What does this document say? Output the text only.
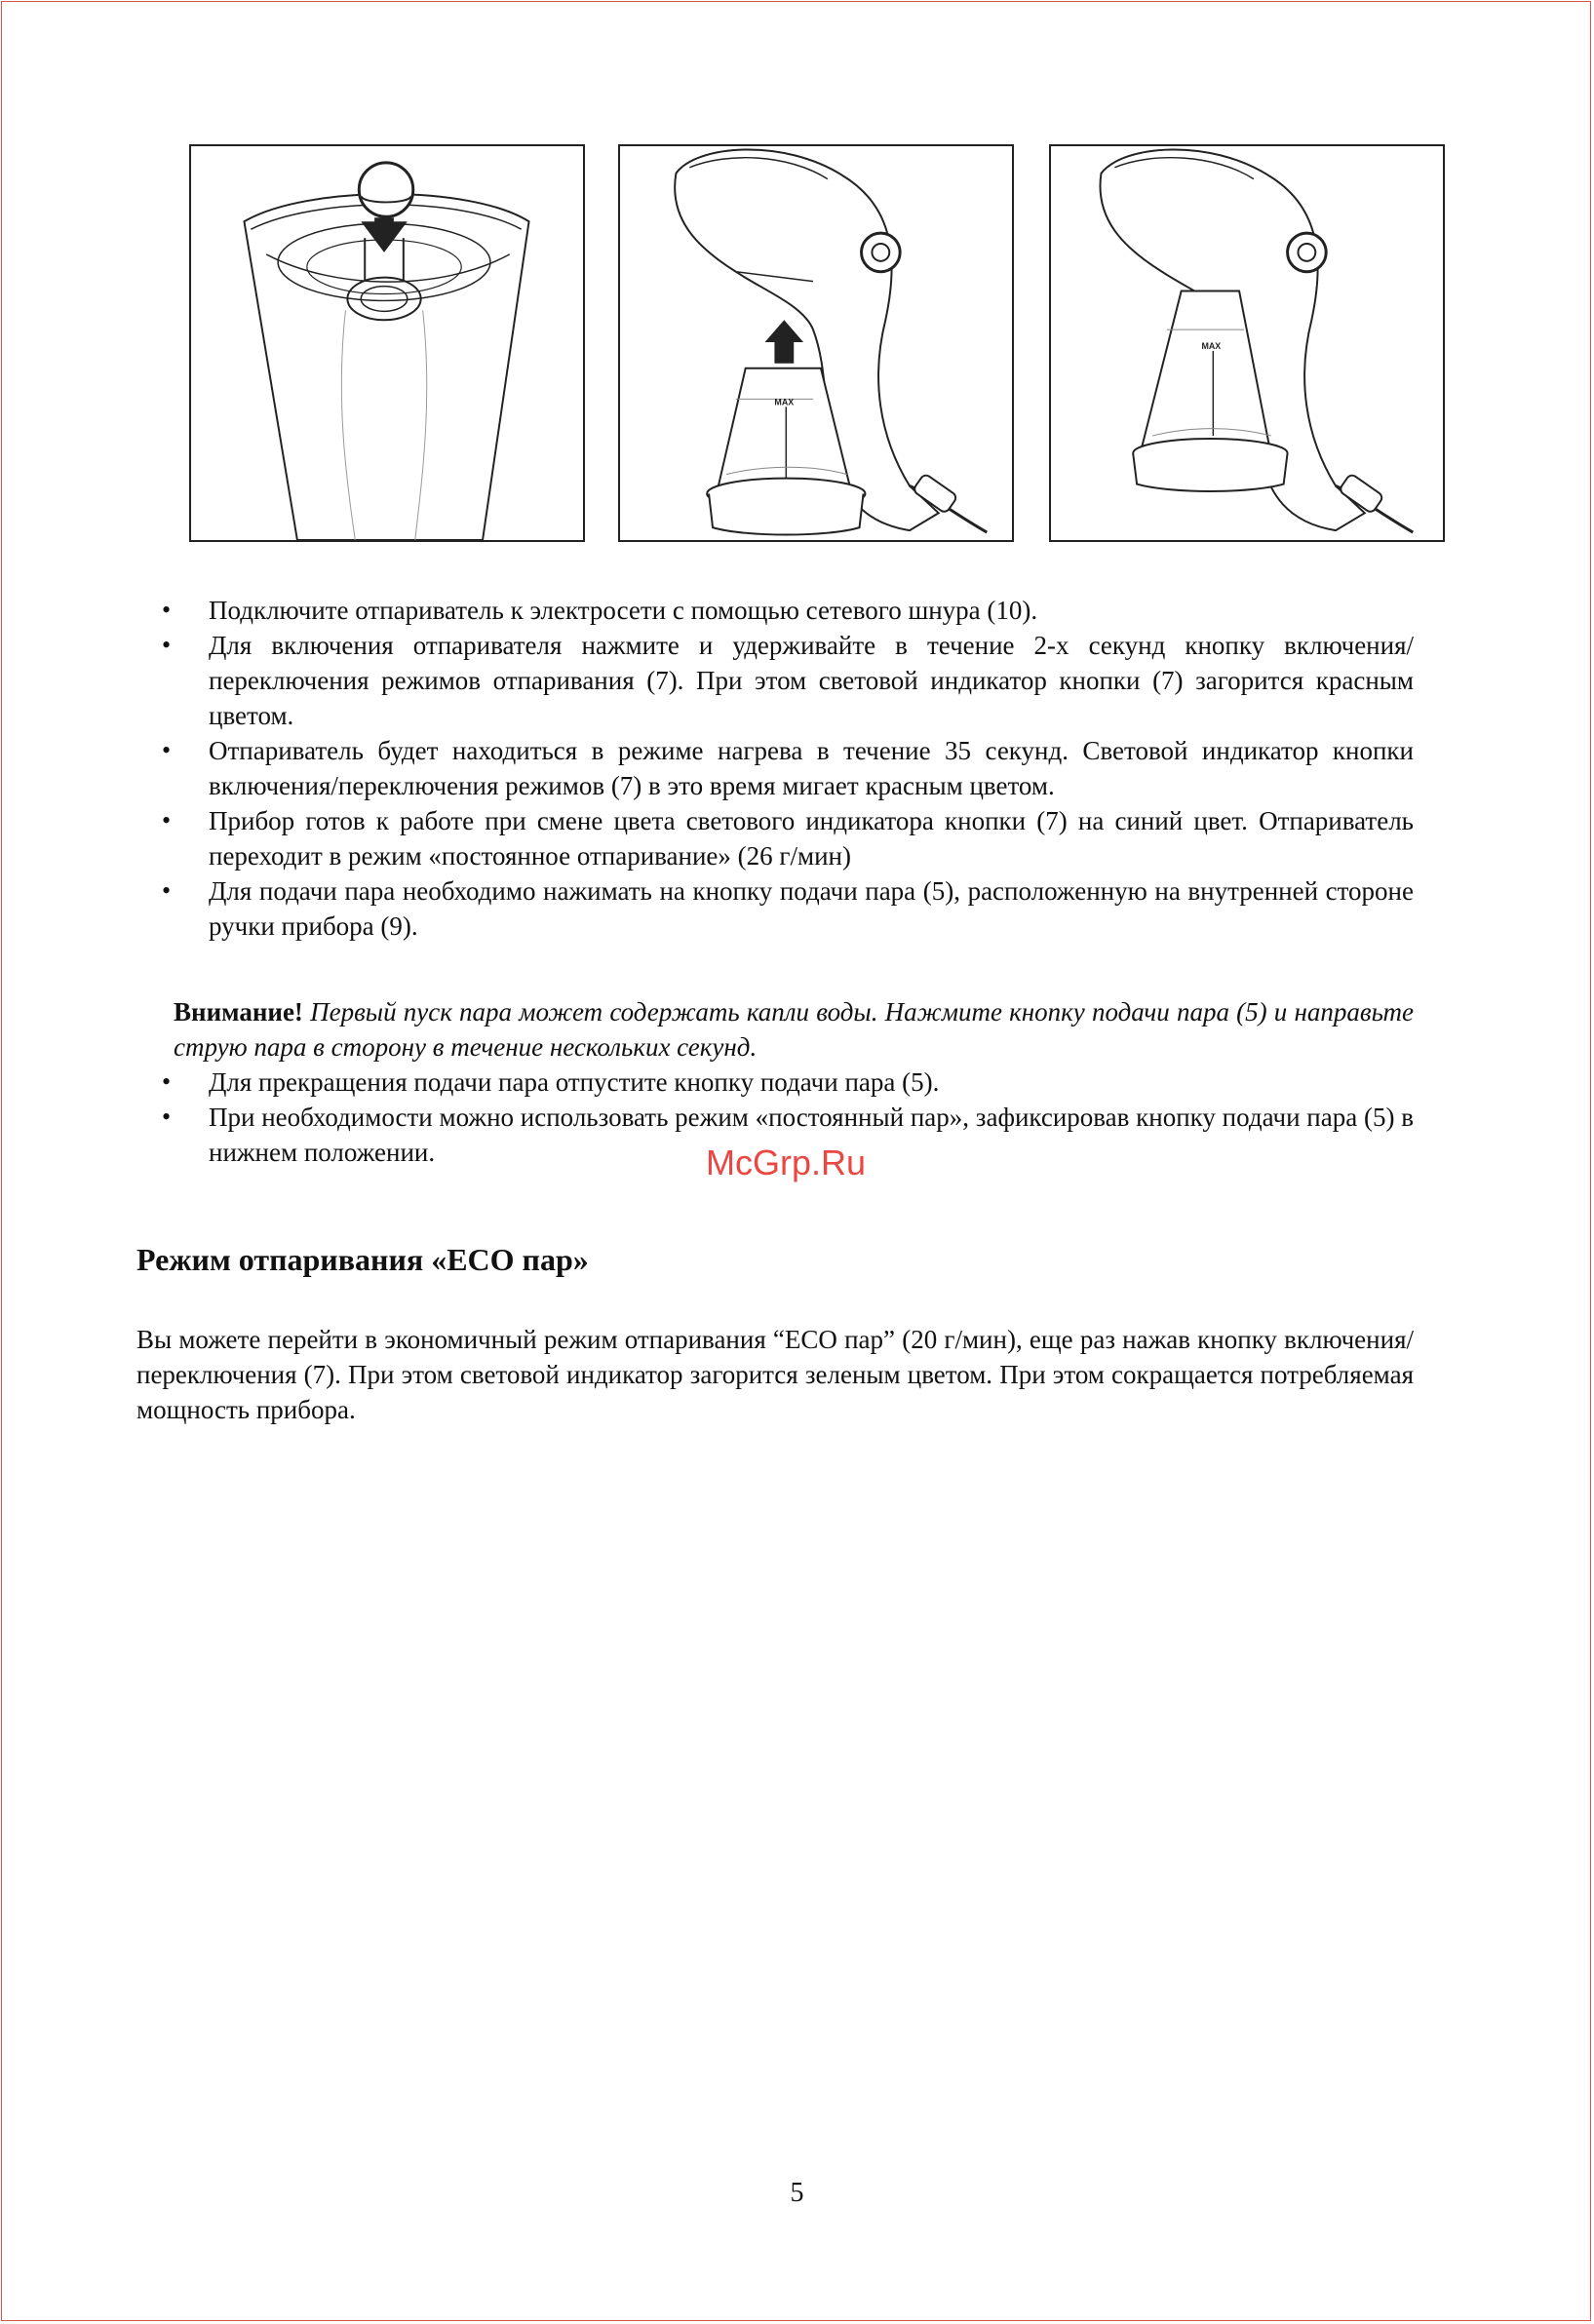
MAX
MAX
• Подключите отпариватель к электросети с помощью сетевого шнура (10).
• Для включения отпаривателя нажмите и удерживайте в течение 2-х секунд кнопку включения/переключения режимов отпаривания (7). При этом световой индикатор кнопки (7) загорится красным цветом.
• Отпариватель будет находиться в режиме нагрева в течение 35 секунд. Световой индикатор кнопки включения/переключения режимов (7) в это время мигает красным цветом.
• Прибор готов к работе при смене цвета светового индикатора кнопки (7) на синий цвет. Отпариватель переходит в режим «постоянное отпаривание» (26 г/мин)
• Для подачи пара необходимо нажимать на кнопку подачи пара (5), расположенную на внутренней стороне ручки прибора (9).
Внимание! Первый пуск пара может содержать капли воды. Нажмите кнопку подачи пара (5) и направьте струю пара в сторону в течение нескольких секунд.
• Для прекращения подачи пара отпустите кнопку подачи пара (5).
• При необходимости можно использовать режим «постоянный пар», зафиксировав кнопку подачи пара (5) в нижнем положении.
Режим отпаривания «ECO пар»

Вы можете перейти в экономичный режим отпаривания “ECO пар” (20 г/мин), еще раз нажав кнопку включения/переключения (7). При этом световой индикатор загорится зеленым цветом. При этом сокращается потребляемая мощность прибора.

McGrp.Ru
5
